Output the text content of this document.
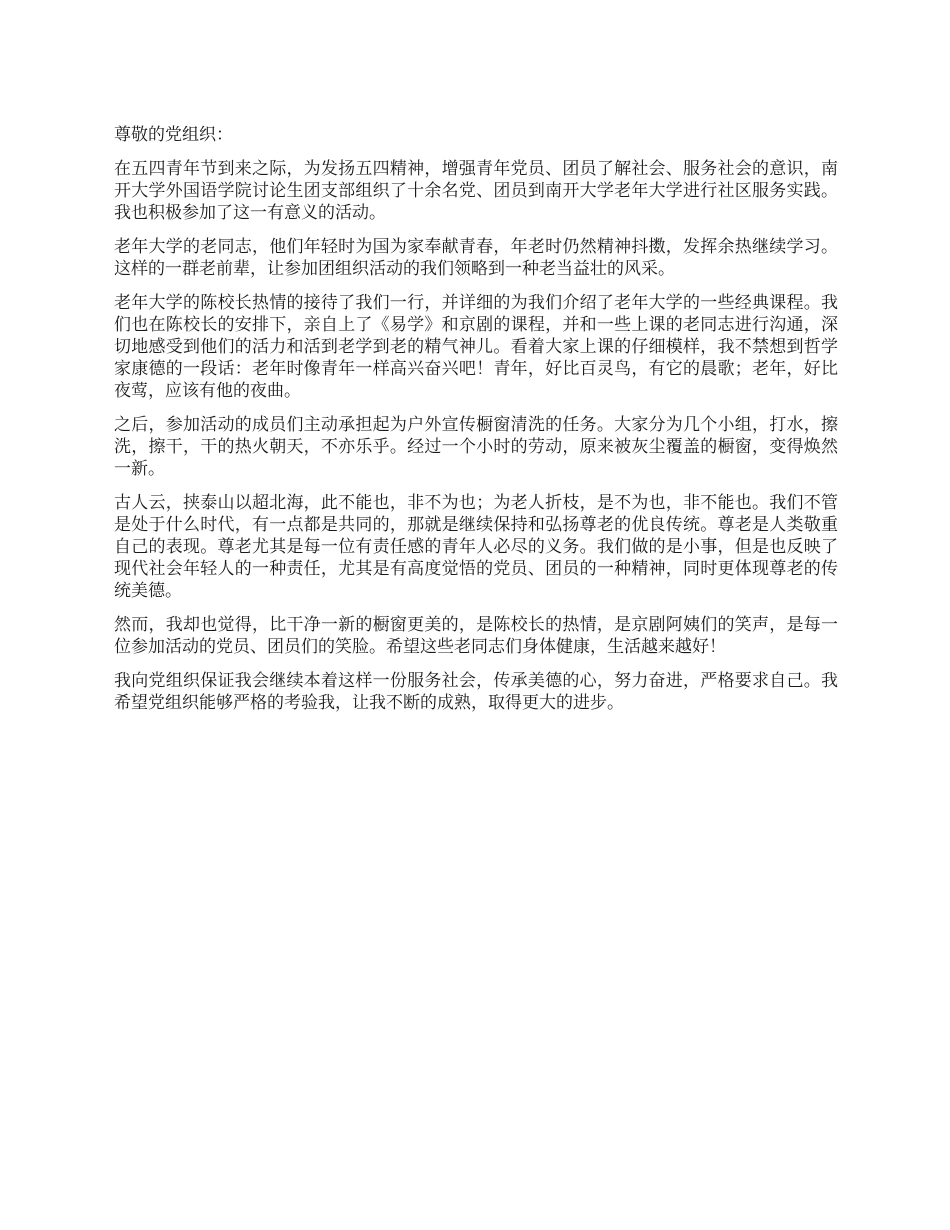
尊敬的党组织：

在五四青年节到来之际，为发扬五四精神，增强青年党员、团员了解社会、服务社会的意识，南开大学外国语学院讨论生团支部组织了十余名党、团员到南开大学老年大学进行社区服务实践。我也积极参加了这一有意义的活动。

老年大学的老同志，他们年轻时为国为家奉献青春，年老时仍然精神抖擞，发挥余热继续学习。这样的一群老前辈，让参加团组织活动的我们领略到一种老当益壮的风采。

老年大学的陈校长热情的接待了我们一行，并详细的为我们介绍了老年大学的一些经典课程。我们也在陈校长的安排下，亲自上了《易学》和京剧的课程，并和一些上课的老同志进行沟通，深切地感受到他们的活力和活到老学到老的精气神儿。看着大家上课的仔细模样，我不禁想到哲学家康德的一段话：老年时像青年一样高兴奋兴吧！青年，好比百灵鸟，有它的晨歌；老年，好比夜莺，应该有他的夜曲。

之后，参加活动的成员们主动承担起为户外宣传橱窗清洗的任务。大家分为几个小组，打水，擦洗，擦干，干的热火朝天，不亦乐乎。经过一个小时的劳动，原来被灰尘覆盖的橱窗，变得焕然一新。

古人云，挟泰山以超北海，此不能也，非不为也；为老人折枝，是不为也，非不能也。我们不管是处于什么时代，有一点都是共同的，那就是继续保持和弘扬尊老的优良传统。尊老是人类敬重自己的表现。尊老尤其是每一位有责任感的青年人必尽的义务。我们做的是小事，但是也反映了现代社会年轻人的一种责任，尤其是有高度觉悟的党员、团员的一种精神，同时更体现尊老的传统美德。

然而，我却也觉得，比干净一新的橱窗更美的，是陈校长的热情，是京剧阿姨们的笑声，是每一位参加活动的党员、团员们的笑脸。希望这些老同志们身体健康，生活越来越好！

我向党组织保证我会继续本着这样一份服务社会，传承美德的心，努力奋进，严格要求自己。我希望党组织能够严格的考验我，让我不断的成熟，取得更大的进步。
